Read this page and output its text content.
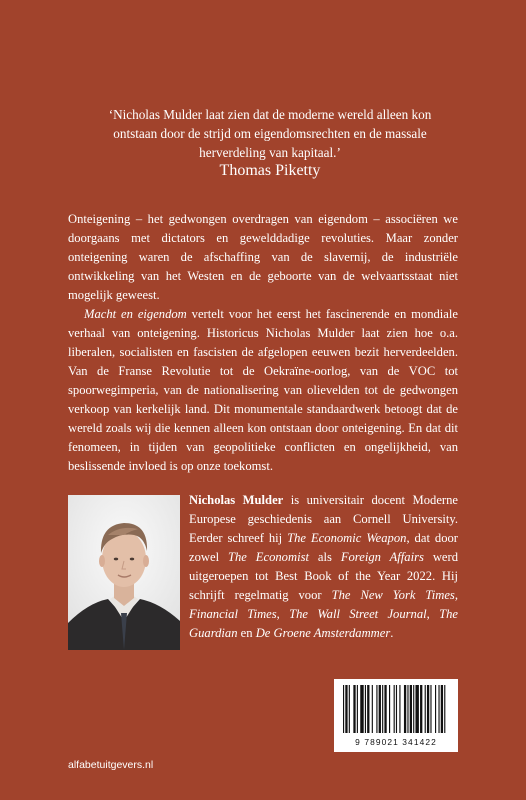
‘Nicholas Mulder laat zien dat de moderne wereld alleen kon ontstaan door de strijd om eigendomsrechten en de massale herverdeling van kapitaal.’
Thomas Piketty

Onteigening – het gedwongen overdragen van eigendom – associëren we doorgaans met dictators en gewelddadige revoluties. Maar zonder onteigening waren de afschaffing van de slavernij, de industriële ontwikkeling van het Westen en de geboorte van de welvaartsstaat niet mogelijk geweest.

Macht en eigendom vertelt voor het eerst het fascinerende en mondiale verhaal van onteigening. Historicus Nicholas Mulder laat zien hoe o.a. liberalen, socialisten en fascisten de afgelopen eeuwen bezit herverdeelden. Van de Franse Revolutie tot de Oekraïne-oorlog, van de VOC tot spoorwegimperia, van de nationalisering van olievelden tot de gedwongen verkoop van kerkelijk land. Dit monumentale standaardwerk betoogt dat de wereld zoals wij die kennen alleen kon ontstaan door onteigening. En dat dit fenomeen, in tijden van geopolitieke conflicten en ongelijkheid, van beslissende invloed is op onze toekomst.

Nicholas Mulder is universitair docent Moderne Europese geschiedenis aan Cornell University. Eerder schreef hij The Economic Weapon, dat door zowel The Economist als Foreign Affairs werd uitgeroepen tot Best Book of the Year 2022. Hij schrijft regelmatig voor The New York Times, Financial Times, The Wall Street Journal, The Guardian en De Groene Amsterdammer.
alfabetuitgevers.nl
9 789021 341422
